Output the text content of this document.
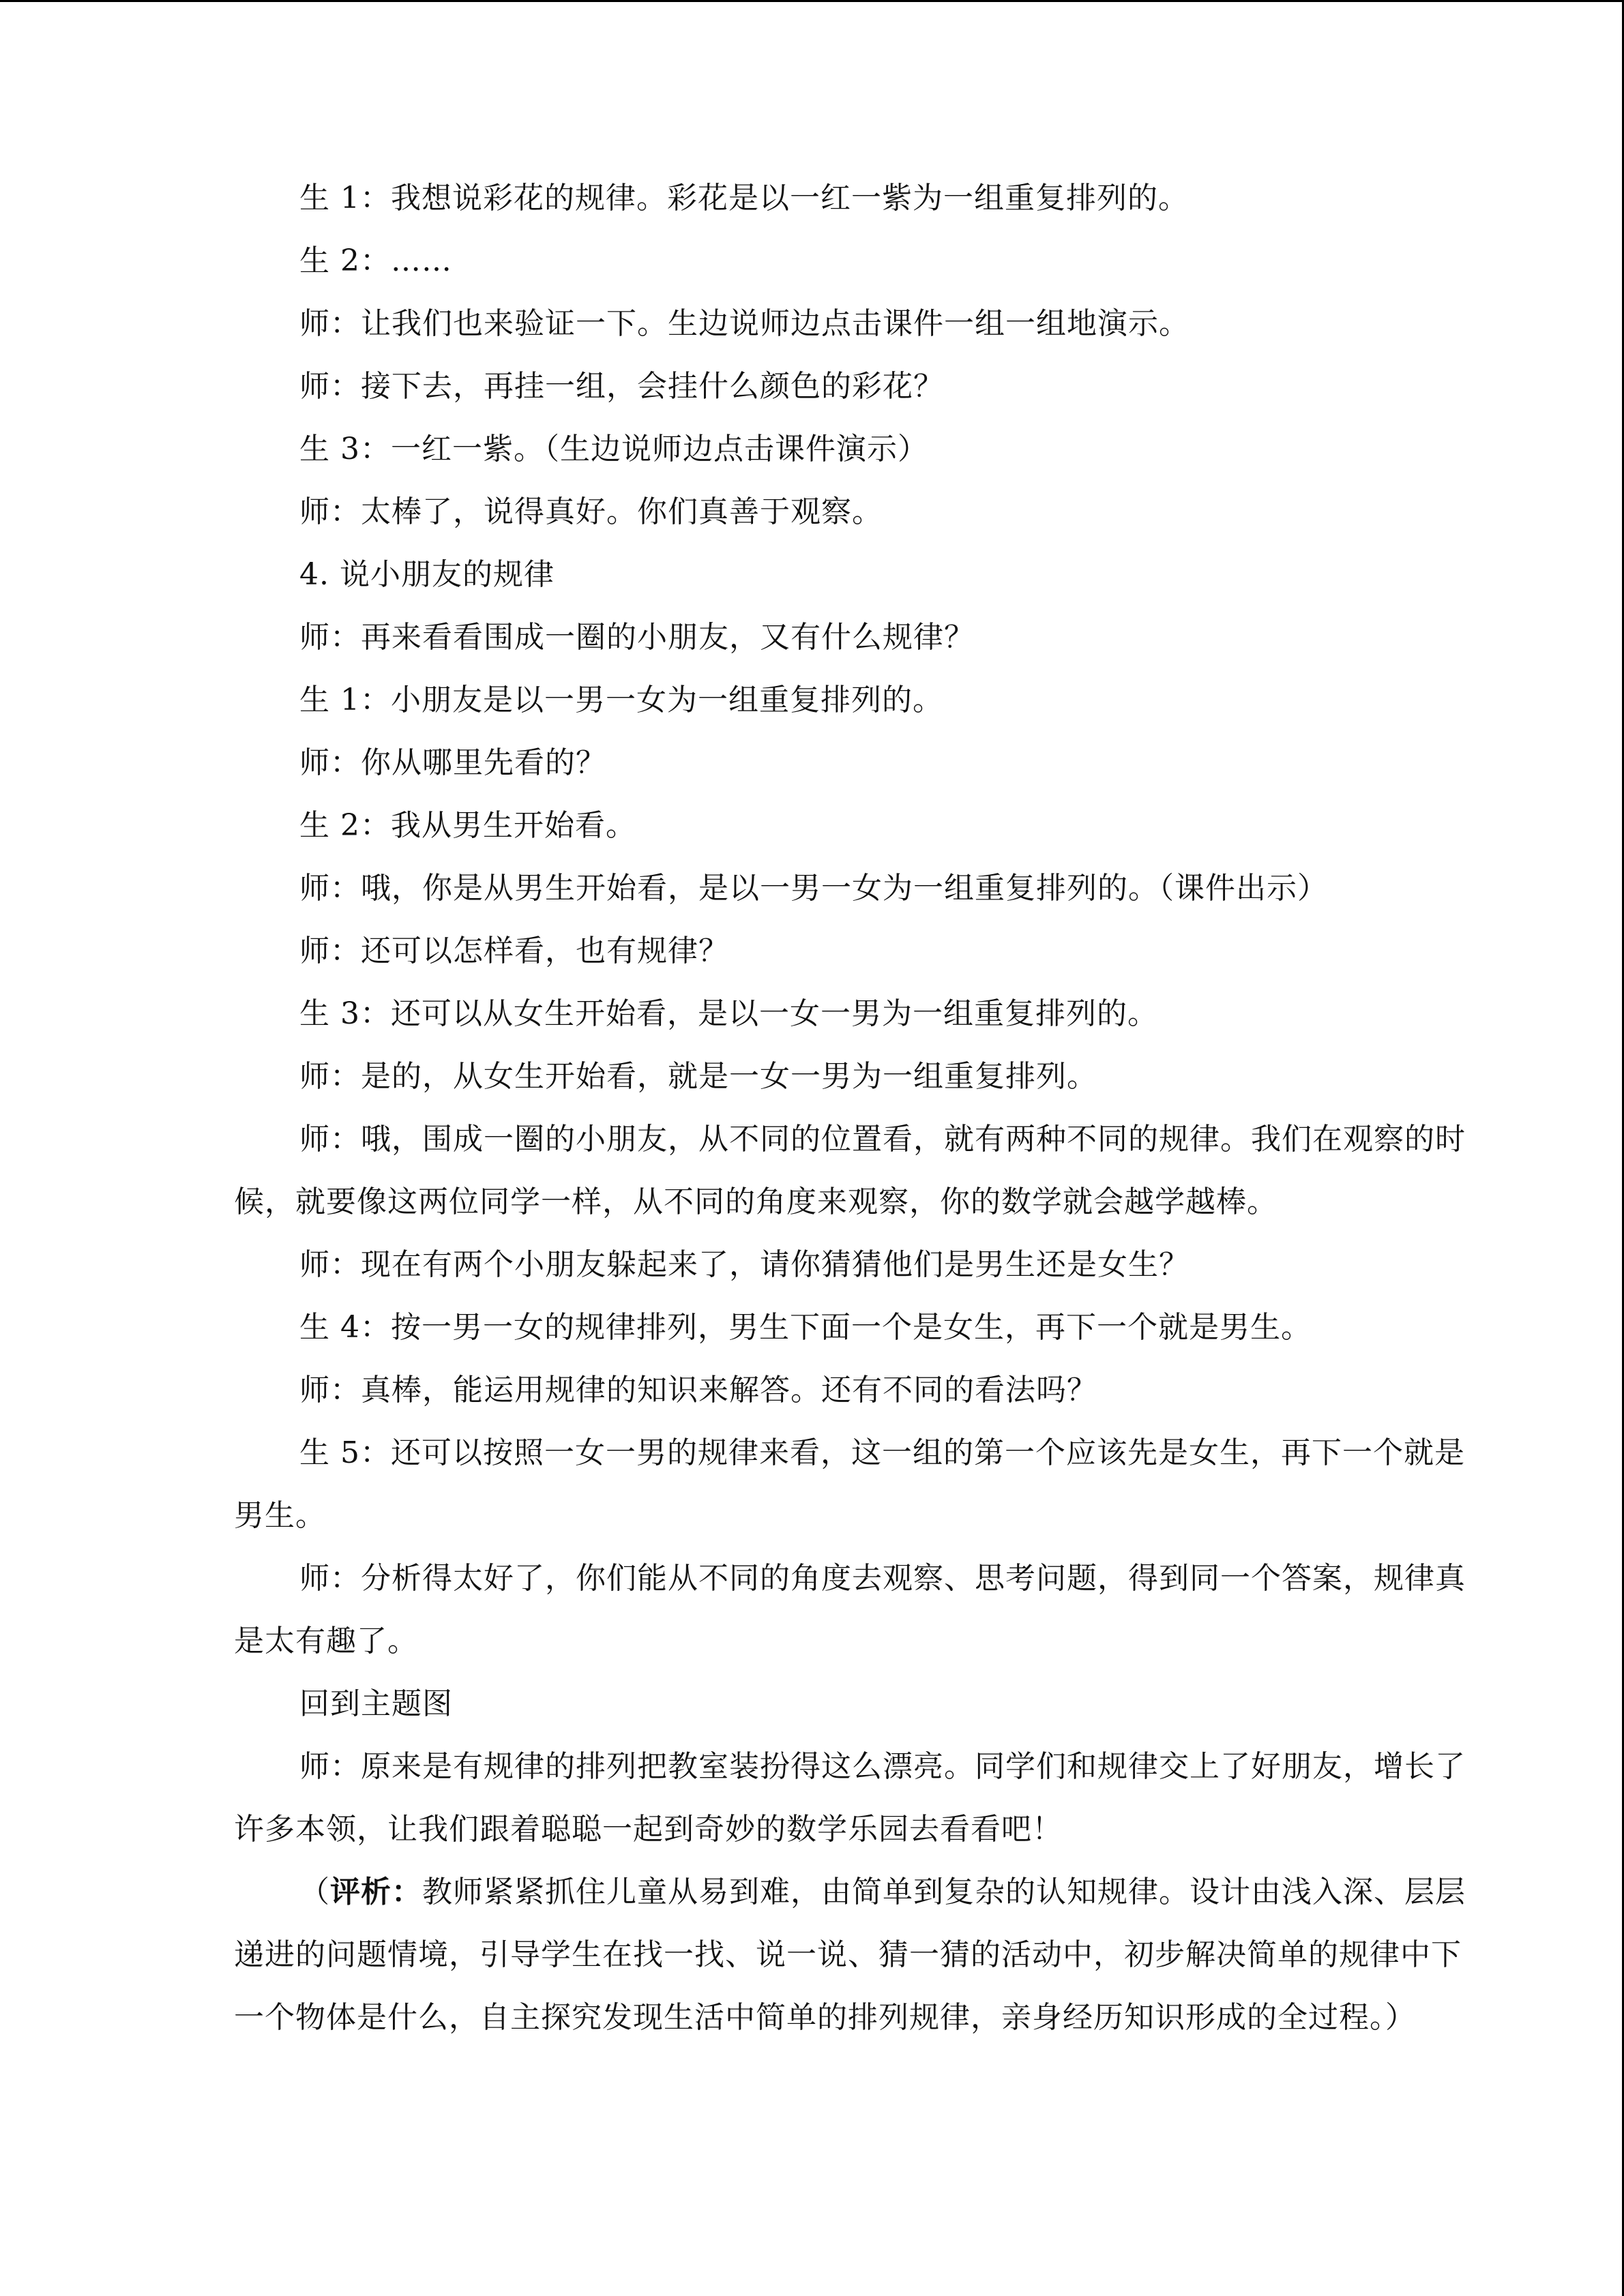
生 1：我想说彩花的规律。彩花是以一红一紫为一组重复排列的。

生 2：……

师：让我们也来验证一下。生边说师边点击课件一组一组地演示。

师：接下去，再挂一组，会挂什么颜色的彩花？

生 3：一红一紫。（生边说师边点击课件演示）

师：太棒了，说得真好。你们真善于观察。

4. 说小朋友的规律

师：再来看看围成一圈的小朋友，又有什么规律？

生 1：小朋友是以一男一女为一组重复排列的。

师：你从哪里先看的？

生 2：我从男生开始看。

师：哦，你是从男生开始看，是以一男一女为一组重复排列的。（课件出示）

师：还可以怎样看，也有规律？

生 3：还可以从女生开始看，是以一女一男为一组重复排列的。

师：是的，从女生开始看，就是一女一男为一组重复排列。

师：哦，围成一圈的小朋友，从不同的位置看，就有两种不同的规律。我们在观察的时候，就要像这两位同学一样，从不同的角度来观察，你的数学就会越学越棒。

师：现在有两个小朋友躲起来了，请你猜猜他们是男生还是女生？

生 4：按一男一女的规律排列，男生下面一个是女生，再下一个就是男生。

师：真棒，能运用规律的知识来解答。还有不同的看法吗？

生 5：还可以按照一女一男的规律来看，这一组的第一个应该先是女生，再下一个就是男生。

师：分析得太好了，你们能从不同的角度去观察、思考问题，得到同一个答案，规律真是太有趣了。

回到主题图

师：原来是有规律的排列把教室装扮得这么漂亮。同学们和规律交上了好朋友，增长了许多本领，让我们跟着聪聪一起到奇妙的数学乐园去看看吧！

（评析：教师紧紧抓住儿童从易到难，由简单到复杂的认知规律。设计由浅入深、层层递进的问题情境，引导学生在找一找、说一说、猜一猜的活动中，初步解决简单的规律中下一个物体是什么，自主探究发现生活中简单的排列规律，亲身经历知识形成的全过程。）
